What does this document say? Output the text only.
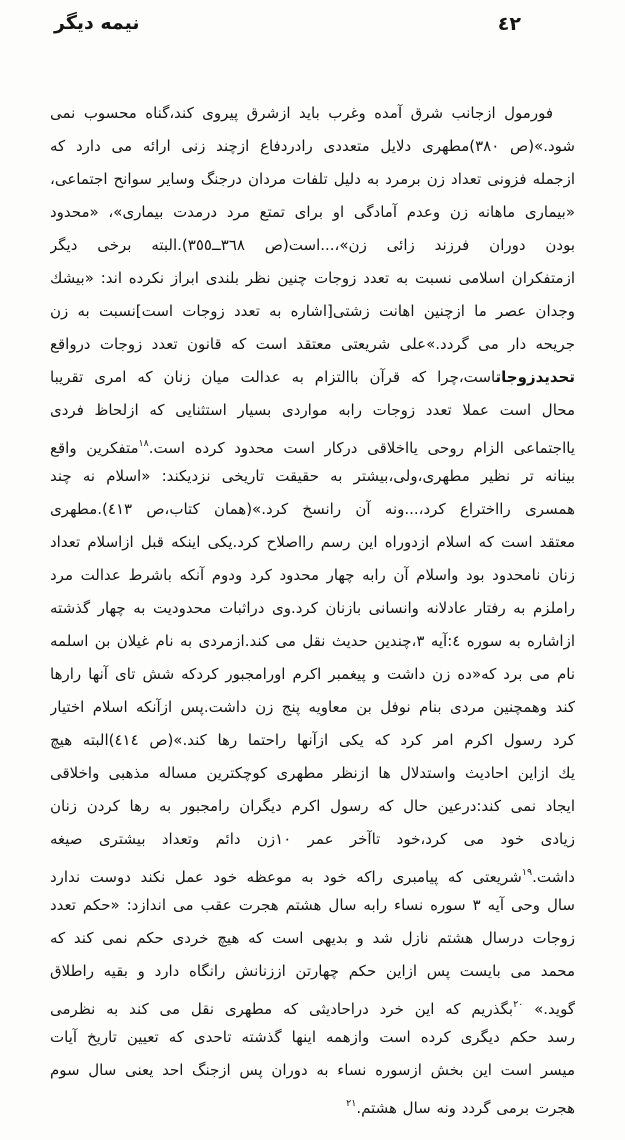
نيمه ديگر	٤٢
فورمول ازجانب شرق آمده وغرب بايد ازشرق پيروى كند،گناه محسوب نمى
شود.»(ص ٣٨٠)مطهرى دلايل متعددى رادردفاع ازچند زنى ارائه مى دارد كه
ازجمله فزونى تعداد زن برمرد به دليل تلفات مردان درجنگ وساير سوانح اجتماعى،
«بيمارى ماهانه زن وعدم آمادگى او براى تمتع مرد درمدت بيمارى»، «محدود
بودن دوران فرزند زائى زن»،...است(ص ٣٦٨ــ٣٥٥).البته برخى ديگر
ازمتفكران اسلامى نسبت به تعدد زوجات چنين نظر بلندى ابراز نكرده اند: «بيشك
وجدان عصر ما ازچنين اهانت زشتى[اشاره به تعدد زوجات است]نسبت به زن
جريحه دار مى گردد.»على شريعتى معتقد است كه قانون تعدد زوجات درواقع
تحديدزوجاتاست،چرا كه قرآن باالتزام به عدالت ميان زنان كه امرى تقريبا
محال است عملا تعدد زوجات رابه مواردى بسيار استثنايى كه ازلحاظ فردى
يااجتماعى الزام روحى يااخلاقى دركار است محدود كرده است.$^{١٨}$متفكرين واقع
بينانه تر نظير مطهرى،ولى،بيشتر به حقيقت تاريخى نزديكند: «اسلام نه چند
همسرى رااختراع كرد،...ونه آن رانسخ كرد.»(همان كتاب،ص ٤١٣).مطهرى
معتقد است كه اسلام ازدوراه اين رسم رااصلاح كرد.يكى اينكه قبل ازاسلام تعداد
زنان نامحدود بود واسلام آن رابه چهار محدود كرد ودوم آنكه باشرط عدالت مرد
راملزم به رفتار عادلانه وانسانى بازنان كرد.وى دراثبات محدوديت به چهار گذشته
ازاشاره به سوره ٤:آيه ٣،چندين حديث نقل مى كند.ازمردى به نام غيلان بن اسلمه
نام مى برد كه«ده زن داشت و پيغمبر اكرم اورامجبور كردكه شش تاى آنها رارها
كند وهمچنين مردى بنام نوفل بن معاويه پنج زن داشت.پس ازآنكه اسلام اختيار
كرد رسول اكرم امر كرد كه يكى ازآنها راحتما رها كند.»(ص ٤١٤)البته هيچ
يك ازاين احاديث واستدلال ها ازنظر مطهرى كوچكترين مساله مذهبى واخلاقى
ايجاد نمى كند:درعين حال كه رسول اكرم ديگران رامجبور به رها كردن زنان
زيادى خود مى كرد،خود تاآخر عمر ١٠زن دائم وتعداد بيشترى صيغه
داشت.$^{١٩}$شريعتى كه پيامبرى راكه خود به موعظه خود عمل نكند دوست ندارد
سال وحى آيه ٣ سوره نساء رابه سال هشتم هجرت عقب مى اندازد: «حكم تعدد
زوجات درسال هشتم نازل شد و بديهى است كه هيچ خردى حكم نمى كند كه
محمد مى بايست پس ازاين حكم چهارتن اززنانش رانگاه دارد و بقيه راطلاق
گويد.» $^{٢٠}$بگذريم كه اين خرد دراحاديثى كه مطهرى نقل مى كند به نظرمى
رسد حكم ديگرى كرده است وازهمه اينها گذشته تاحدى كه تعيين تاريخ آيات
ميسر است اين بخش ازسوره نساء به دوران پس ازجنگ احد يعنى سال سوم
هجرت برمى گردد ونه سال هشتم.$^{٢١}$
